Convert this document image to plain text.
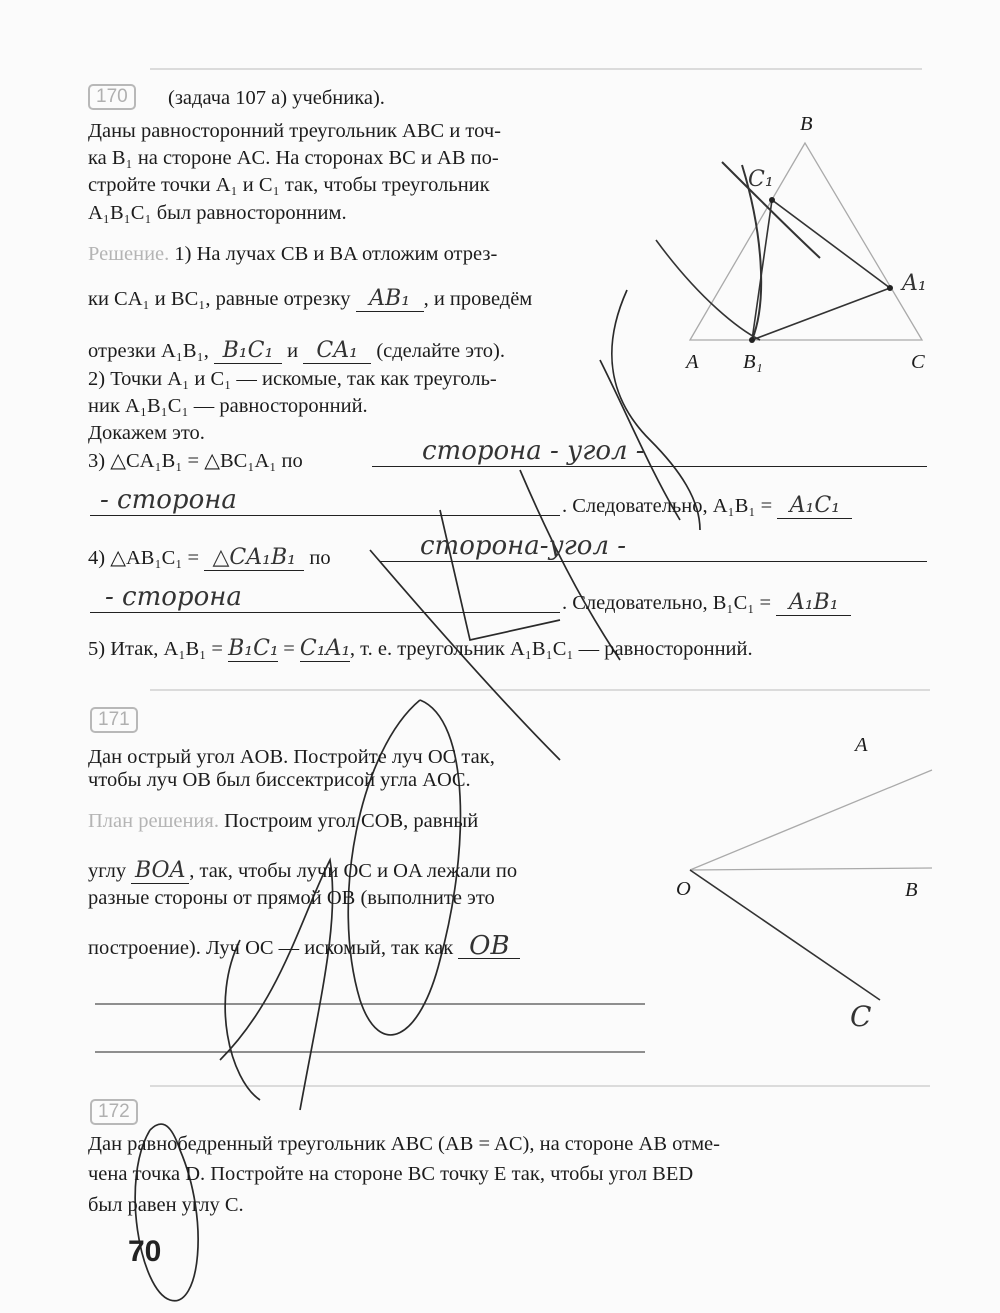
170	(задача 107 а) учебника).
Даны равносторонний треугольник ABC и точ-
ка B₁ на стороне AC. На сторонах BC и AB по-
стройте точки A₁ и C₁ так, чтобы треугольник
A₁B₁C₁ был равносторонним.
Решение. 1) На лучах CB и BA отложим отрез-
ки CA₁ и BC₁, равные отрезку AB₁ , и проведём
отрезки A₁B₁, B₁C₁ и CA₁ (сделайте это).
2) Точки A₁ и C₁ — искомые, так как треуголь-
ник A₁B₁C₁ — равносторонний.
Докажем это.
3) △CA₁B₁ = △BC₁A₁ по	сторона - угол -
- сторона	. Следовательно, A₁B₁ = A₁C₁
4) △AB₁C₁ = △CA₁B₁ по	сторона-угол -
- сторона	. Следовательно, B₁C₁ = A₁B₁
5) Итак, A₁B₁ = B₁C₁ = C₁A₁, т. е. треугольник A₁B₁C₁ — равносторонний.
B
A B₁	C
C₁
A₁
171
Дан острый угол AOB. Постройте луч OC так,
чтобы луч OB был биссектрисой угла AOC.
План решения. Построим угол COB, равный
углу BOA , так, чтобы лучи OC и OA лежали по
разные стороны от прямой OB (выполните это
построение). Луч OC — искомый, так как OB
A
O	B
C
172
Дан равнобедренный треугольник ABC (AB = AC), на стороне AB отме-
чена точка D. Постройте на стороне BC точку E так, чтобы угол BED
был равен углу C.
70
